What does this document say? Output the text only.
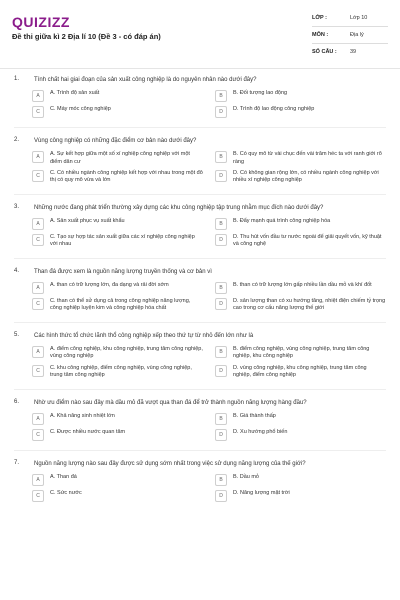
QUIZIZZ
Đề thi giữa kì 2 Địa lí 10 (Đề 3 - có đáp án)
LỚP :	Lớp 10
MÔN :	Địa lý
SỐ CÂU :	39
1.	Tính chất hai giai đoạn của sản xuất công nghiệp là do nguyên nhân nào dưới đây?
A	A. Trình độ sản xuất	B	B. Đối tượng lao động
C	C. Máy móc công nghiệp	D	D. Trình độ lao động công nghiệp
2.	Vùng công nghiệp có những đặc điểm cơ bản nào dưới đây?
A	A. Sự kết hợp giữa một số xí nghiệp công nghiệp với một điểm dân cư
B	B. Có quy mô từ vài chục đến vài trăm héc ta với ranh giới rõ ràng
C	C. Có nhiều ngành công nghiệp kết hợp với nhau trong một đô thị có quy mô vừa và lớn
D	D. Có không gian rộng lớn, có nhiều ngành công nghiệp với nhiều xí nghiệp công nghiệp
3.	Những nước đang phát triển thường xây dựng các khu công nghiệp tập trung nhằm mục đích nào dưới đây?
A	A. Sản xuất phục vụ xuất khẩu	B	B. Đẩy mạnh quá trình công nghiệp hóa
C	C. Tạo sự hợp tác sản xuất giữa các xí nghiệp công nghiệp với nhau
D	D. Thu hút vốn đầu tư nước ngoài để giải quyết vốn, kỹ thuật và công nghệ
4.	Than đá được xem là nguồn năng lượng truyền thống và cơ bản vì
A	A. than có trữ lượng lớn, đa dạng và rải đời sớm	B	B. than có trữ lượng lớn gấp nhiều lần dầu mỏ và khí đốt
C	C. than có thể sử dụng cả trong công nghiệp năng lượng, công nghiệp luyện kim và công nghiệp hóa chất
D	D. sản lượng than có xu hướng tăng, nhiệt điện chiếm tỷ trọng cao trong cơ cấu năng lượng thế giới
5.	Các hình thức tổ chức lãnh thổ công nghiệp xếp theo thứ tự từ nhỏ đến lớn như là
A	A. điểm công nghiệp, khu công nghiệp, trung tâm công nghiệp, vùng công nghiệp
B	B. điểm công nghiệp, vùng công nghiệp, trung tâm công nghiệp, khu công nghiệp
C	C. khu công nghiệp, điểm công nghiệp, vùng công nghiệp, trung tâm công nghiệp
D	D. vùng công nghiệp, khu công nghiệp, trung tâm công nghiệp, điểm công nghiệp
6.	Nhờ ưu điểm nào sau đây mà dầu mỏ đã vượt qua than đá để trở thành nguồn năng lượng hàng đầu?
A	A. Khả năng sinh nhiệt lớn	B	B. Giá thành thấp
C	C. Được nhiều nước quan tâm	D	D. Xu hướng phổ biến
7.	Nguồn năng lượng nào sau đây được sử dụng sớm nhất trong việc sử dụng năng lượng của thế giới?
A	A. Than đá	B	B. Dầu mỏ
C	C. Sức nước	D	D. Năng lượng mặt trời
